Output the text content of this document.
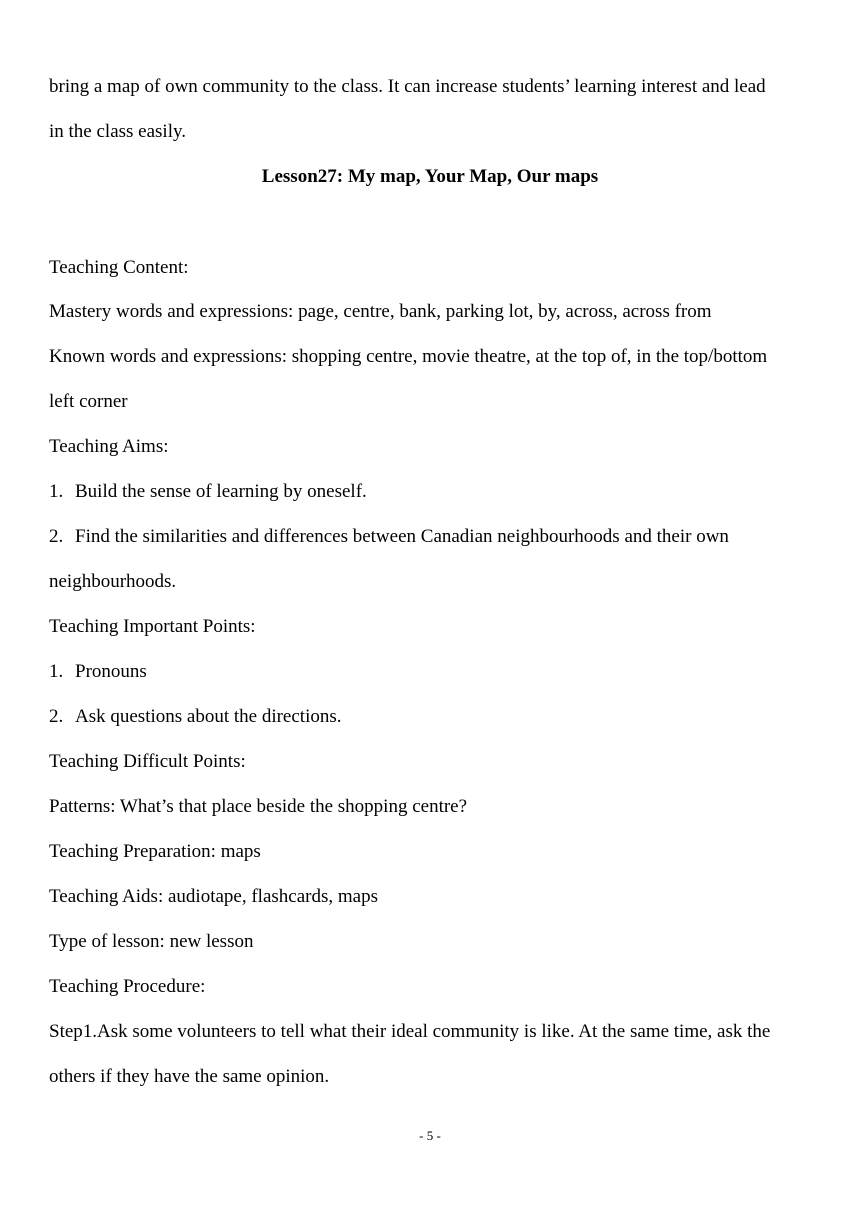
bring a map of own community to the class. It can increase students’ learning interest and lead
in the class easily.
Lesson27: My map, Your Map, Our maps
Teaching Content:
Mastery words and expressions: page, centre, bank, parking lot, by, across, across from
Known words and expressions: shopping centre, movie theatre, at the top of, in the top/bottom
left corner
Teaching Aims:
1. Build the sense of learning by oneself.
2. Find the similarities and differences between Canadian neighbourhoods and their own
neighbourhoods.
Teaching Important Points:
1. Pronouns
2. Ask questions about the directions.
Teaching Difficult Points:
Patterns: What’s that place beside the shopping centre?
Teaching Preparation: maps
Teaching Aids: audiotape, flashcards, maps
Type of lesson: new lesson
Teaching Procedure:
Step1.Ask some volunteers to tell what their ideal community is like. At the same time, ask the
others if they have the same opinion.
- 5 -
